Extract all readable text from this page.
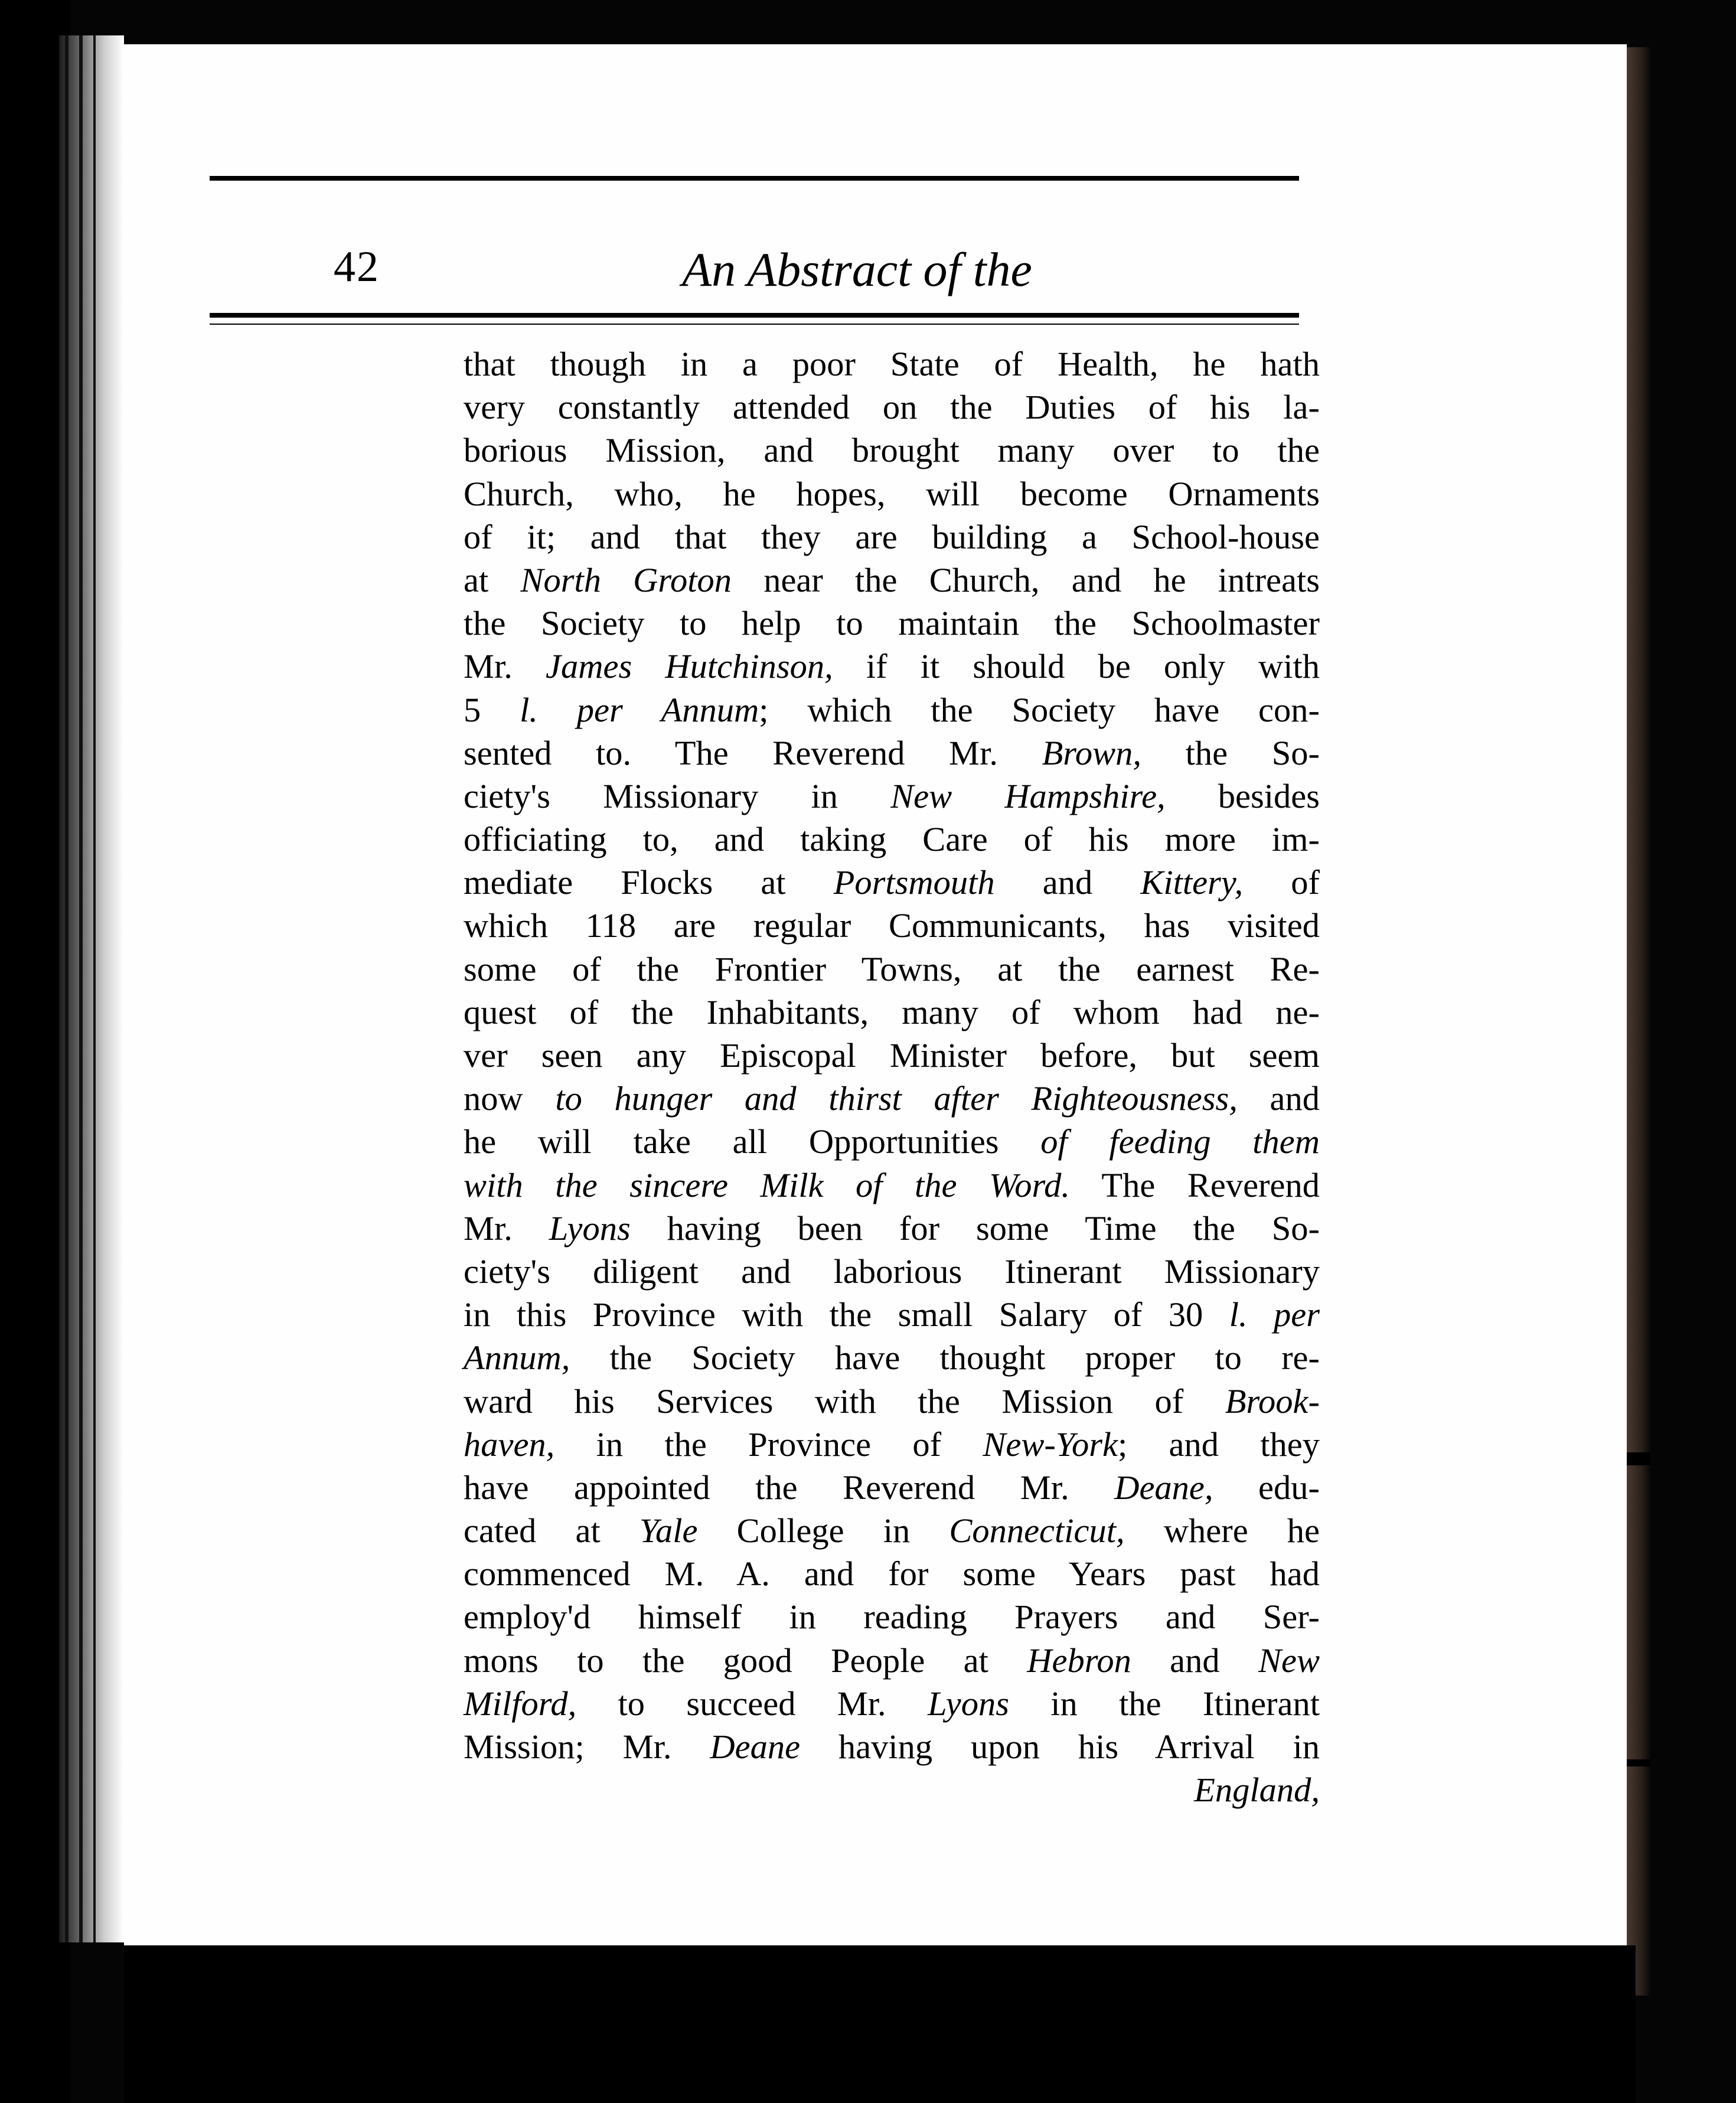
42	An Abstract of the
that though in a poor State of Health, he hath
very constantly attended on the Duties of his la-
borious Mission, and brought many over to the
Church, who, he hopes, will become Ornaments
of it; and that they are building a School-house
at North Groton near the Church, and he intreats
the Society to help to maintain the Schoolmaster
Mr. James Hutchinson, if it should be only with
5 l. per Annum; which the Society have con-
sented to. The Reverend Mr. Brown, the So-
ciety's Missionary in New Hampshire, besides
officiating to, and taking Care of his more im-
mediate Flocks at Portsmouth and Kittery, of
which 118 are regular Communicants, has visited
some of the Frontier Towns, at the earnest Re-
quest of the Inhabitants, many of whom had ne-
ver seen any Episcopal Minister before, but seem
now to hunger and thirst after Righteousness, and
he will take all Opportunities of feeding them
with the sincere Milk of the Word. The Reverend
Mr. Lyons having been for some Time the So-
ciety's diligent and laborious Itinerant Missionary
in this Province with the small Salary of 30 l. per
Annum, the Society have thought proper to re-
ward his Services with the Mission of Brook-
haven, in the Province of New-York; and they
have appointed the Reverend Mr. Deane, edu-
cated at Yale College in Connecticut, where he
commenced M. A. and for some Years past had
employ'd himself in reading Prayers and Ser-
mons to the good People at Hebron and New
Milford, to succeed Mr. Lyons in the Itinerant
Mission; Mr. Deane having upon his Arrival in
England,
